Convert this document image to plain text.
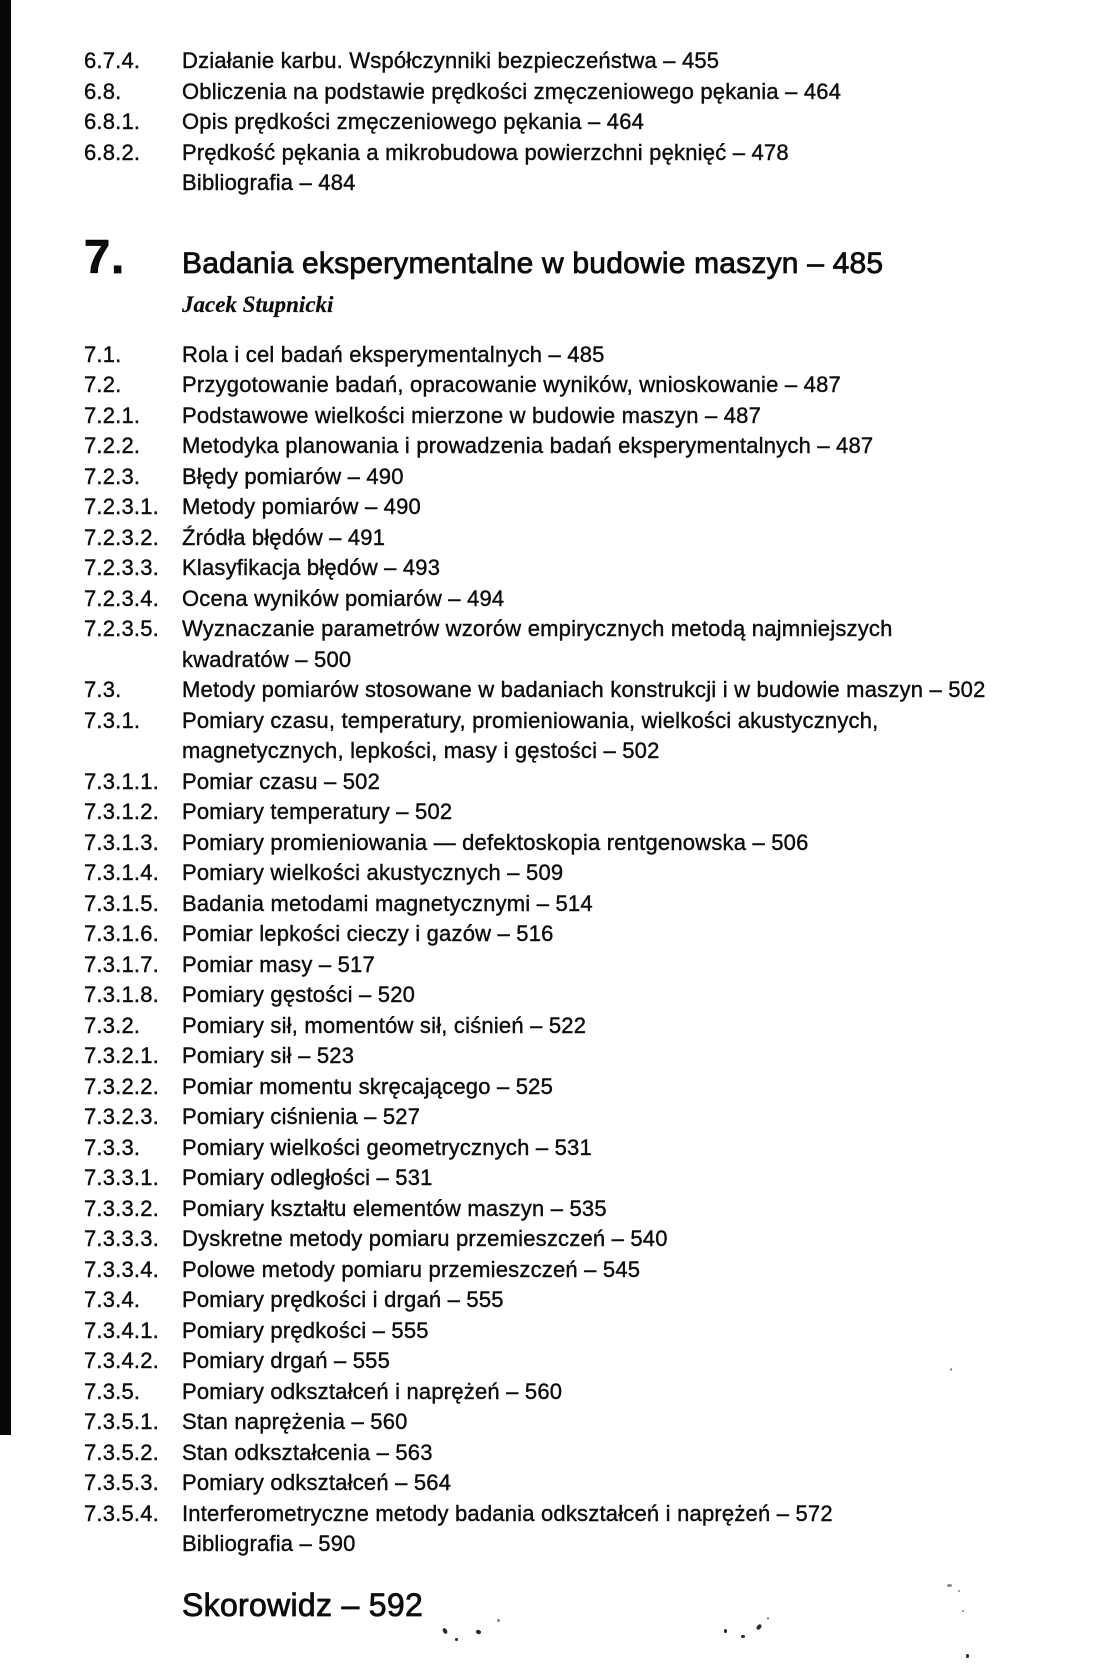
6.7.4.	Działanie karbu. Współczynniki bezpieczeństwa – 455
6.8.	Obliczenia na podstawie prędkości zmęczeniowego pękania – 464
6.8.1.	Opis prędkości zmęczeniowego pękania – 464
6.8.2.	Prędkość pękania a mikrobudowa powierzchni pęknięć – 478
Bibliografia – 484
7.	Badania eksperymentalne w budowie maszyn – 485
Jacek Stupnicki
7.1.	Rola i cel badań eksperymentalnych – 485
7.2.	Przygotowanie badań, opracowanie wyników, wnioskowanie – 487
7.2.1.	Podstawowe wielkości mierzone w budowie maszyn – 487
7.2.2.	Metodyka planowania i prowadzenia badań eksperymentalnych – 487
7.2.3.	Błędy pomiarów – 490
7.2.3.1.	Metody pomiarów – 490
7.2.3.2.	Źródła błędów – 491
7.2.3.3.	Klasyfikacja błędów – 493
7.2.3.4.	Ocena wyników pomiarów – 494
7.2.3.5.	Wyznaczanie parametrów wzorów empirycznych metodą najmniejszych
kwadratów – 500
7.3.	Metody pomiarów stosowane w badaniach konstrukcji i w budowie maszyn – 502
7.3.1.	Pomiary czasu, temperatury, promieniowania, wielkości akustycznych,
magnetycznych, lepkości, masy i gęstości – 502
7.3.1.1.	Pomiar czasu – 502
7.3.1.2.	Pomiary temperatury – 502
7.3.1.3.	Pomiary promieniowania — defektoskopia rentgenowska – 506
7.3.1.4.	Pomiary wielkości akustycznych – 509
7.3.1.5.	Badania metodami magnetycznymi – 514
7.3.1.6.	Pomiar lepkości cieczy i gazów – 516
7.3.1.7.	Pomiar masy – 517
7.3.1.8.	Pomiary gęstości – 520
7.3.2.	Pomiary sił, momentów sił, ciśnień – 522
7.3.2.1.	Pomiary sił – 523
7.3.2.2.	Pomiar momentu skręcającego – 525
7.3.2.3.	Pomiary ciśnienia – 527
7.3.3.	Pomiary wielkości geometrycznych – 531
7.3.3.1.	Pomiary odległości – 531
7.3.3.2.	Pomiary kształtu elementów maszyn – 535
7.3.3.3.	Dyskretne metody pomiaru przemieszczeń – 540
7.3.3.4.	Polowe metody pomiaru przemieszczeń – 545
7.3.4.	Pomiary prędkości i drgań – 555
7.3.4.1.	Pomiary prędkości – 555
7.3.4.2.	Pomiary drgań – 555
7.3.5.	Pomiary odkształceń i naprężeń – 560
7.3.5.1.	Stan naprężenia – 560
7.3.5.2.	Stan odkształcenia – 563
7.3.5.3.	Pomiary odkształceń – 564
7.3.5.4.	Interferometryczne metody badania odkształceń i naprężeń – 572
Bibliografia – 590
Skorowidz – 592
